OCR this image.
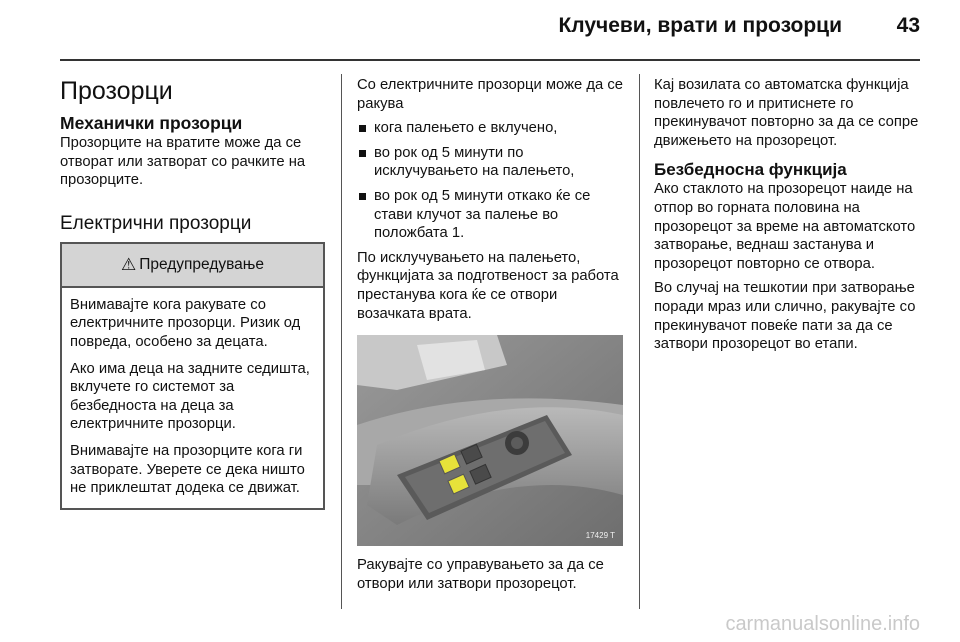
Клучеви, врати и прозорци	43
Прозорци
Механички прозорци

Прозорците на вратите може да се отворат или затворат со рачките на прозорците.

Електрични прозорци
⚠ Предупредување

Внимавајте кога ракувате со електричните прозорци. Ризик од повреда, особено за децата.

Ако има деца на задните седишта, вклучете го системот за безбедноста на деца за електричните прозорци.

Внимавајте на прозорците кога ги затворате. Уверете се дека ништо не приклештат додека се движат.

Со електричните прозорци може да се ракува

кога палењето е вклучено,
во рок од 5 минути по исклучувањето на палењето,
во рок од 5 минути откако ќе се стави клучот за палење во положбата 1.

По исклучувањето на палењето, функцијата за подготвеност за работа престанува кога ќе се отвори возачката врата.

17429 T

Ракувајте со управувањето за да се отвори или затвори прозорецот.

Кај возилата со автоматска функција повлечето го и притиснете го прекинувачот повторно за да се сопре движењето на прозорецот.

Безбедносна функција

Ако стаклото на прозорецот наиде на отпор во горната половина на прозорецот за време на автоматското затворање, веднаш застанува и прозорецот повторно се отвора.

Во случај на тешкотии при затворање поради мраз или слично, ракувајте со прекинувачот повеќе пати за да се затвори прозорецот во етапи.

carmanualsonline.info
